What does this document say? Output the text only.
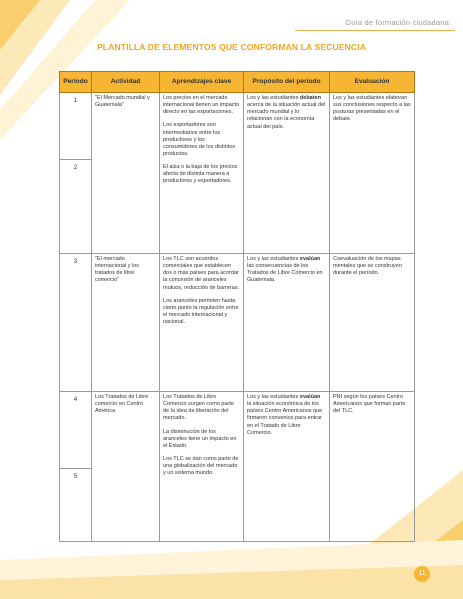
Guía de formación ciudadana
PLANTILLA DE ELEMENTOS QUE CONFORMAN LA SECUENCIA
Período	Actividad	Aprendizajes clave	Propósito del período	Evaluación
1	"El Mercado mundial y Guatemala"	Los precios en el mercado internacional tienen un impacto directo en las exportaciones.
Los exportadores son intermediarios entre los productores y los consumidores de los distintos productos.
El alza o la baja de los precios afecta de distinta manera a productores y exportadores.	Los y las estudiantes debaten acerca de la situación actual del mercado mundial y lo relacionan con la economía actual del país.	Los y las estudiantes elaboran sus conclusiones respecto a las posturas presentadas en el debate.
2				
3	"El mercado internacional y los tratados de libre comercio"	Los TLC son acuerdos comerciales que establecen dos o más países para acordar la concesión de aranceles mutuos, reducción de barreras.
Los aranceles permiten hasta cierto punto la regulación entre el mercado internacional y nacional.	Los y las estudiantes evalúan las consecuencias de los Tratados de Libre Comercio en Guatemala.	Coevaluación de los mapas mentales que se construyen durante el período.
4	Los Tratados de Libre comercio en Centro América	Los Tratados de Libre Comercio surgen como parte de la idea de liberación del mercado.
La disminución de los aranceles tiene un impacto en el Estado.
Los TLC se dan como parte de una globalización del mercado y un sistema mundo.	Los y las estudiantes evalúan la situación económica de los países Centro Americanos que firmaron convenios para entrar en el Tratado de Libre Comercio.	PNI según los países Centro Americanos que forman parte del TLC.
5				
11
